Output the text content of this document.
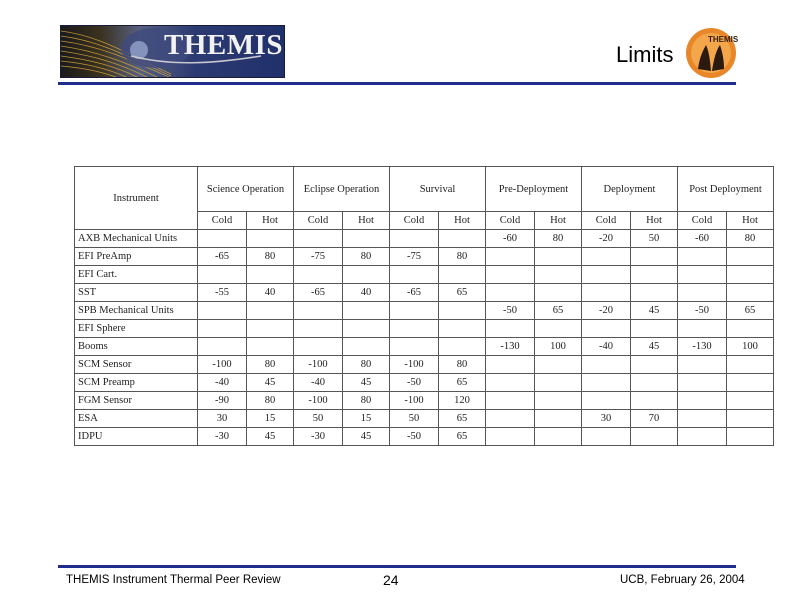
THEMIS	Limits
THEMIS
Instrument	Science Operation		Eclipse Operation		Survival		Pre-Deployment		Deployment		Post Deployment	
	Cold	Hot	Cold	Hot	Cold	Hot	Cold	Hot	Cold	Hot	Cold	Hot
AXB Mechanical Units							-60	80	-20	50	-60	80
EFI PreAmp	-65	80	-75	80	-75	80						
EFI Cart.												
SST	-55	40	-65	40	-65	65						
SPB Mechanical Units							-50	65	-20	45	-50	65
EFI Sphere												
Booms							-130	100	-40	45	-130	100
SCM Sensor	-100	80	-100	80	-100	80						
SCM Preamp	-40	45	-40	45	-50	65						
FGM Sensor	-90	80	-100	80	-100	120						
ESA	30	15	50	15	50	65			30	70		
IDPU	-30	45	-30	45	-50	65						
THEMIS Instrument Thermal Peer Review	24	UCB, February 26, 2004
